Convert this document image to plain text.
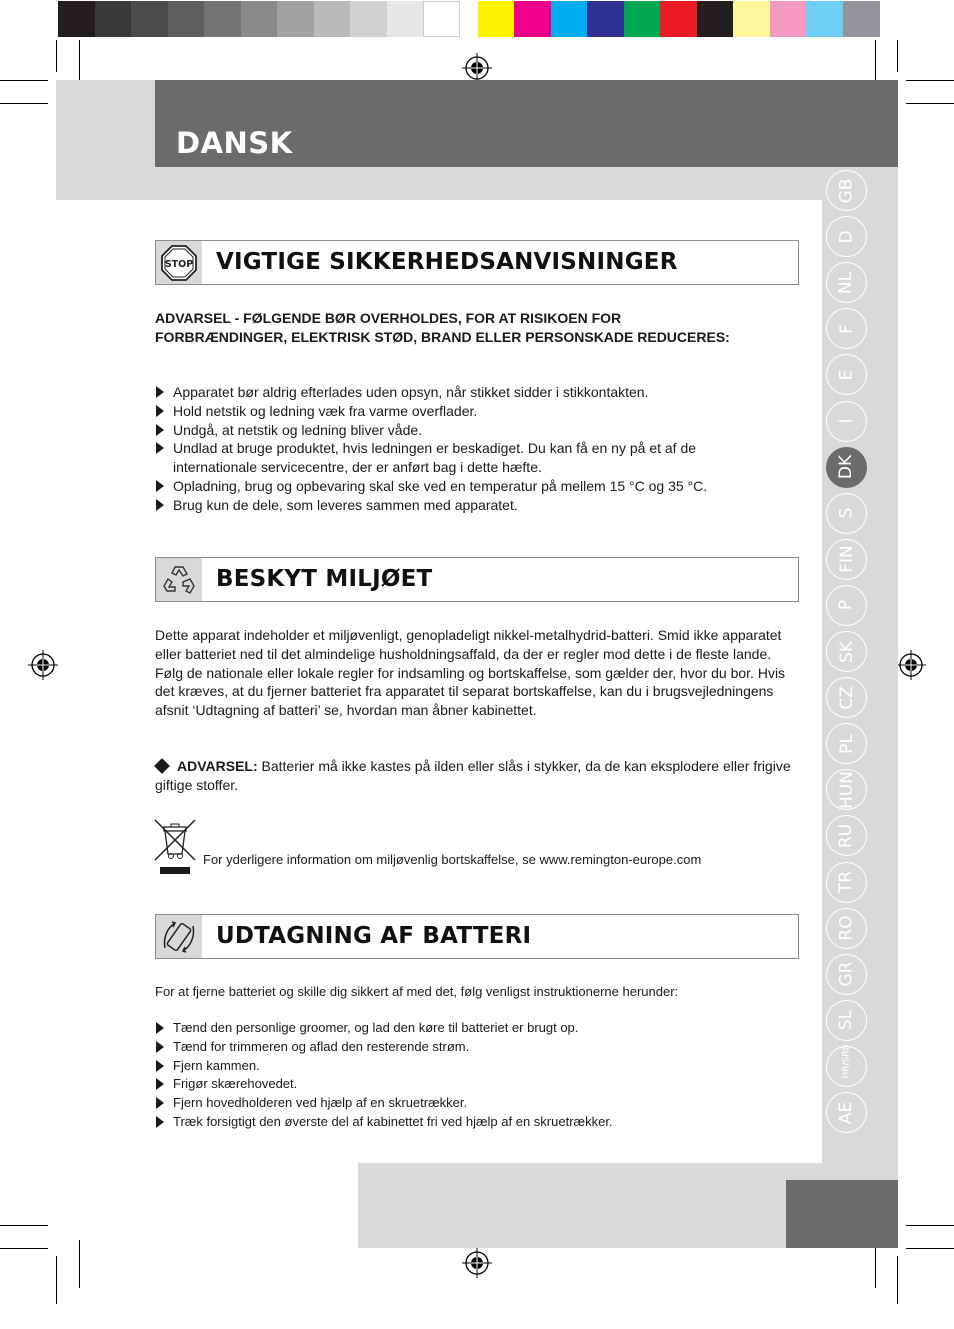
DANSK
GB
D
NL
F
E
I
DK
S
FIN
P
SK
CZ
PL
HUN
RU
TR
RO
GR
SL
HR/SRB
AE
STOP VIGTIGE SIKKERHEDSANVISNINGER
ADVARSEL - FØLGENDE BØR OVERHOLDES, FOR AT RISIKOEN FOR FORBRÆNDINGER, ELEKTRISK STØD, BRAND ELLER PERSONSKADE REDUCERES:
Apparatet bør aldrig efterlades uden opsyn, når stikket sidder i stikkontakten.
Hold netstik og ledning væk fra varme overflader.
Undgå, at netstik og ledning bliver våde.
Undlad at bruge produktet, hvis ledningen er beskadiget. Du kan få en ny på et af de internationale servicecentre, der er anført bag i dette hæfte.
Opladning, brug og opbevaring skal ske ved en temperatur på mellem 15 °C og 35 °C.
Brug kun de dele, som leveres sammen med apparatet.
BESKYT MILJØET
Dette apparat indeholder et miljøvenligt, genopladeligt nikkel-metalhydrid-batteri. Smid ikke apparatet eller batteriet ned til det almindelige husholdningsaffald, da der er regler mod dette i de fleste lande. Følg de nationale eller lokale regler for indsamling og bortskaffelse, som gælder der, hvor du bor. Hvis det kræves, at du fjerner batteriet fra apparatet til separat bortskaffelse, kan du i brugsvejledningens afsnit ‘Udtagning af batteri’ se, hvordan man åbner kabinettet.
ADVARSEL: Batterier må ikke kastes på ilden eller slås i stykker, da de kan eksplodere eller frigive giftige stoffer.
For yderligere information om miljøvenlig bortskaffelse, se www.remington-europe.com
UDTAGNING AF BATTERI
For at fjerne batteriet og skille dig sikkert af med det, følg venligst instruktionerne herunder:
Tænd den personlige groomer, og lad den køre til batteriet er brugt op.
Tænd for trimmeren og aflad den resterende strøm.
Fjern kammen.
Frigør skærehovedet.
Fjern hovedholderen ved hjælp af en skruetrækker.
Træk forsigtigt den øverste del af kabinettet fri ved hjælp af en skruetrækker.
